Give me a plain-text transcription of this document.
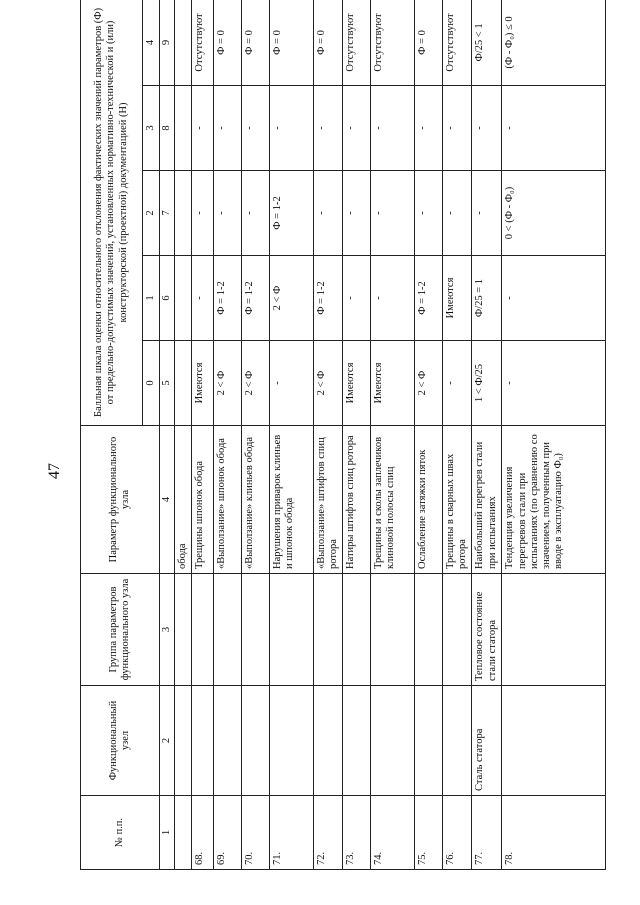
47
№ п.п.	Функциональный узел	Группа параметров функционального узла	Параметр функционального узла	Балльная шкала оценки относительного отклонения фактических значений параметров (Ф) от предельно-допустимых значений, установленных нормативно-технической и (или) конструкторской (проектной) документацией (Н)				
				0	1	2	3	4
1	2	3	4	5	6	7	8	9
			обода					
68.			Трещины шпонок обода	Имеются	-	-	-	Отсутствуют
69.			«Выползание» шпонок обода	2 < Ф	Ф = 1-2	-	-	Ф = 0
70.			«Выползание» клиньев обода	2 < Ф	Ф = 1-2	-	-	Ф = 0
71.			Нарушения приварок клиньев и шпонок обода	-	2 < Ф	Ф = 1-2	-	Ф = 0
72.			«Выползание» штифтов спиц ротора	2 < Ф	Ф = 1-2	-	-	Ф = 0
73.			Натиры штифтов спиц ротора	Имеются	-	-	-	Отсутствуют
74.			Трещины и сколы заплечиков клиновой полосы спиц	Имеются	-	-	-	Отсутствуют
75.			Ослабление затяжки пяток	2 < Ф	Ф = 1-2	-	-	Ф = 0
76.			Трещины в сварных швах ротора	-	Имеются	-	-	Отсутствуют
77.	Сталь статора	Тепловое состояние стали статора	Наибольший перегрев стали при испытаниях	1 < Ф/25	Ф/25 = 1	-	-	Ф/25 < 1
78.			Тенденция увеличения перегревов стали при испытаниях (по сравнению со значением, полученным при вводе в эксплуатацию Ф₀)	-	-	0 < (Ф - Ф₀)	-	(Ф - Ф₀) ≤ 0
